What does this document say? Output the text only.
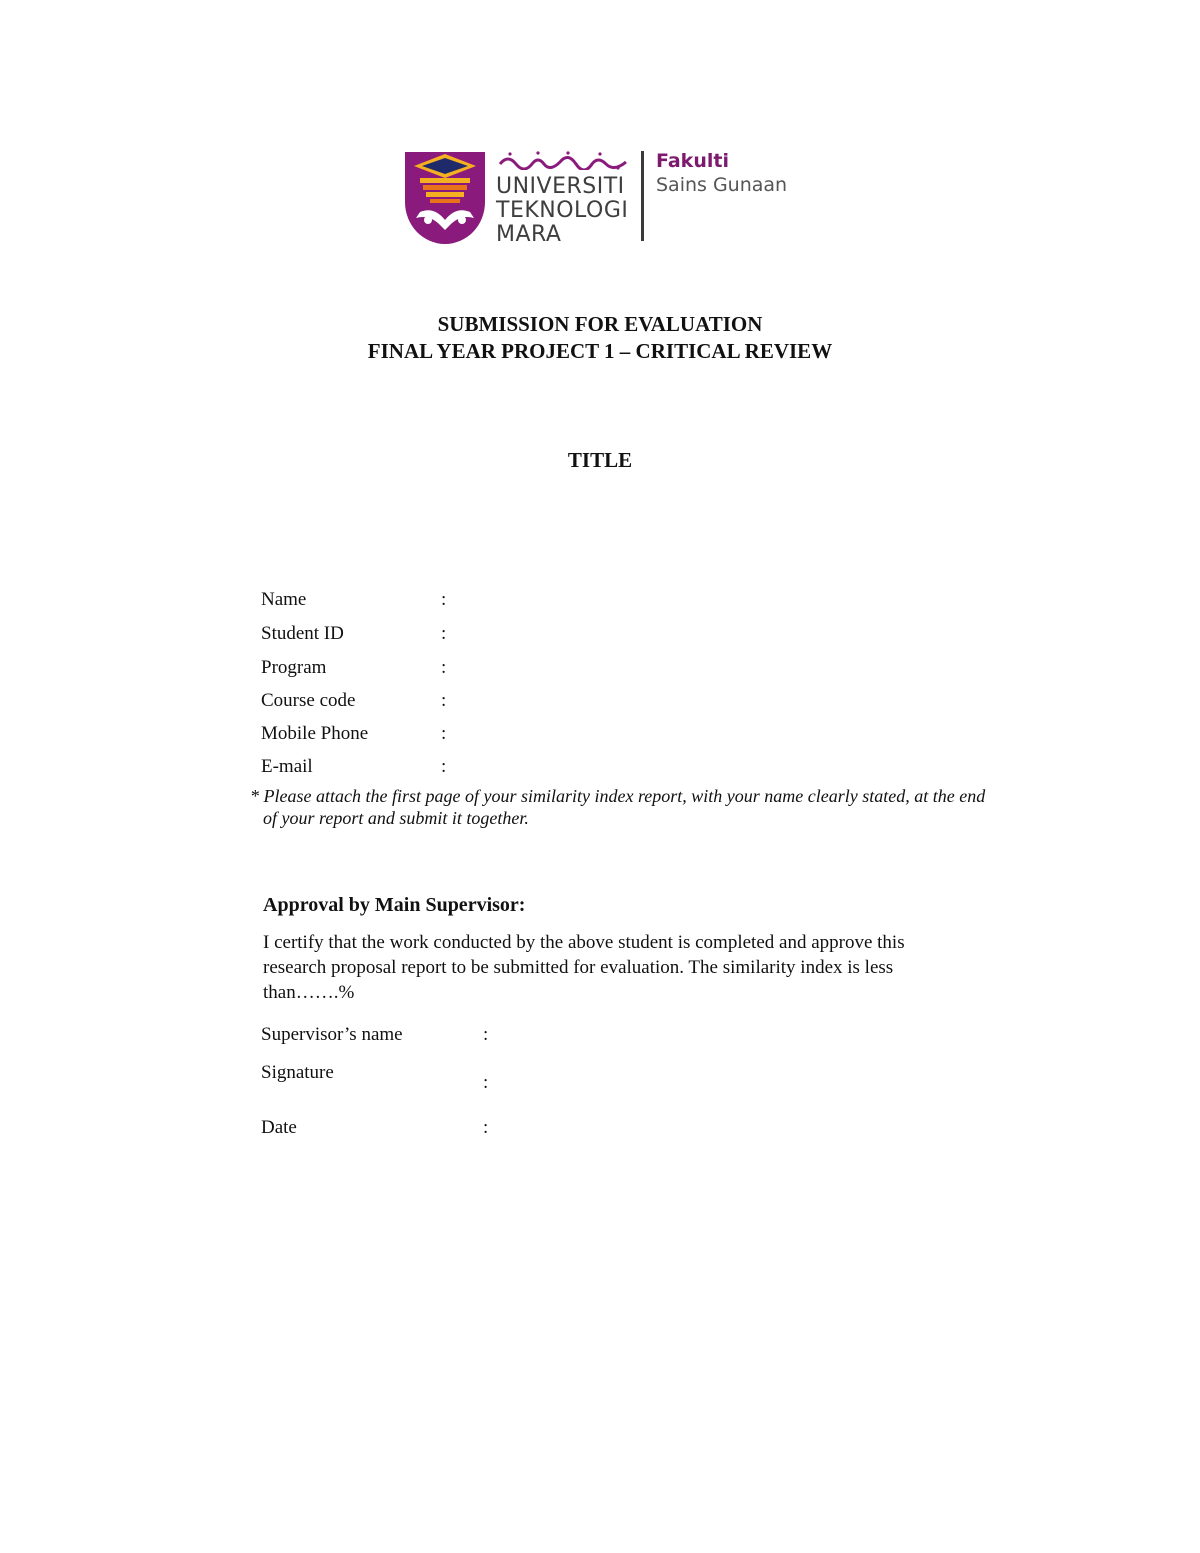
UNIVERSITI
TEKNOLOGI
MARA
Fakulti
Sains Gunaan
SUBMISSION FOR EVALUATION
FINAL YEAR PROJECT 1 – CRITICAL REVIEW
TITLE
Name	:
Student ID	:
Program	:
Course code	:
Mobile Phone	:
E-mail	:
* Please attach the first page of your similarity index report, with your name clearly stated, at the end
of your report and submit it together.
Approval by Main Supervisor:
I certify that the work conducted by the above student is completed and approve this
research proposal report to be submitted for evaluation. The similarity index is less
than…….%
Supervisor’s name	:
Signature	:
Date	:
